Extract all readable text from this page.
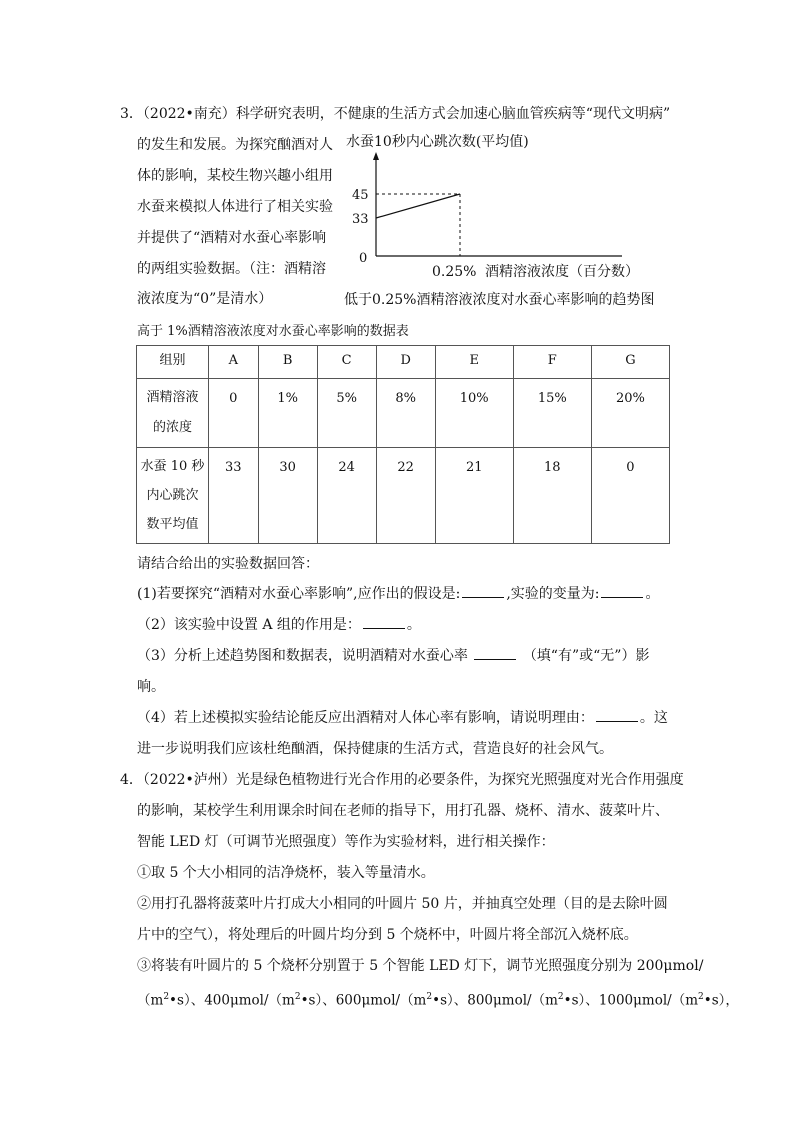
3．（2022•南充）科学研究表明，不健康的生活方式会加速心脑血管疾病等“现代文明病”
的发生和发展。为探究酗酒对人
体的影响，某校生物兴趣小组用
水蚕来模拟人体进行了相关实验
并提供了“酒精对水蚕心率影响
的两组实验数据。（注：酒精溶
液浓度为“0”是清水）
水蚕10秒内心跳次数(平均值)
45
33
0
0.25% 酒精溶液浓度（百分数）
低于0.25%酒精溶液浓度对水蚕心率影响的趋势图
高于 1%酒精溶液浓度对水蚕心率影响的数据表
组别	A	B	C	D	E	F	G

酒精溶液
的浓度	0	1%	5%	8%	10%	15%	20%

水蚕 10 秒
内心跳次
数平均值	33	30	24	22	21	18	0
请结合给出的实验数据回答：
(1)若要探究“酒精对水蚕心率影响”,应作出的假设是:	,实验的变量为:	。
（2）该实验中设置 A 组的作用是：	。
（3）分析上述趋势图和数据表，说明酒精对水蚕心率	（填“有”或“无”）影
响。
（4）若上述模拟实验结论能反应出酒精对人体心率有影响，请说明理由：	。这
进一步说明我们应该杜绝酗酒，保持健康的生活方式，营造良好的社会风气。
4．（2022•泸州）光是绿色植物进行光合作用的必要条件，为探究光照强度对光合作用强度
的影响，某校学生利用课余时间在老师的指导下，用打孔器、烧杯、清水、菠菜叶片、
智能 LED 灯（可调节光照强度）等作为实验材料，进行相关操作：
①取 5 个大小相同的洁净烧杯，装入等量清水。
②用打孔器将菠菜叶片打成大小相同的叶圆片 50 片，并抽真空处理（目的是去除叶圆
片中的空气），将处理后的叶圆片均分到 5 个烧杯中，叶圆片将全部沉入烧杯底。
③将装有叶圆片的 5 个烧杯分别置于 5 个智能 LED 灯下，调节光照强度分别为 200μmol/
$(m^2•s)$、$400\mu mol/(m^2•s)$、$600\mu mol/(m^2•s)$、$800\mu mol/(m^2•s)$、$1000\mu mol/(m^2•s)$，
